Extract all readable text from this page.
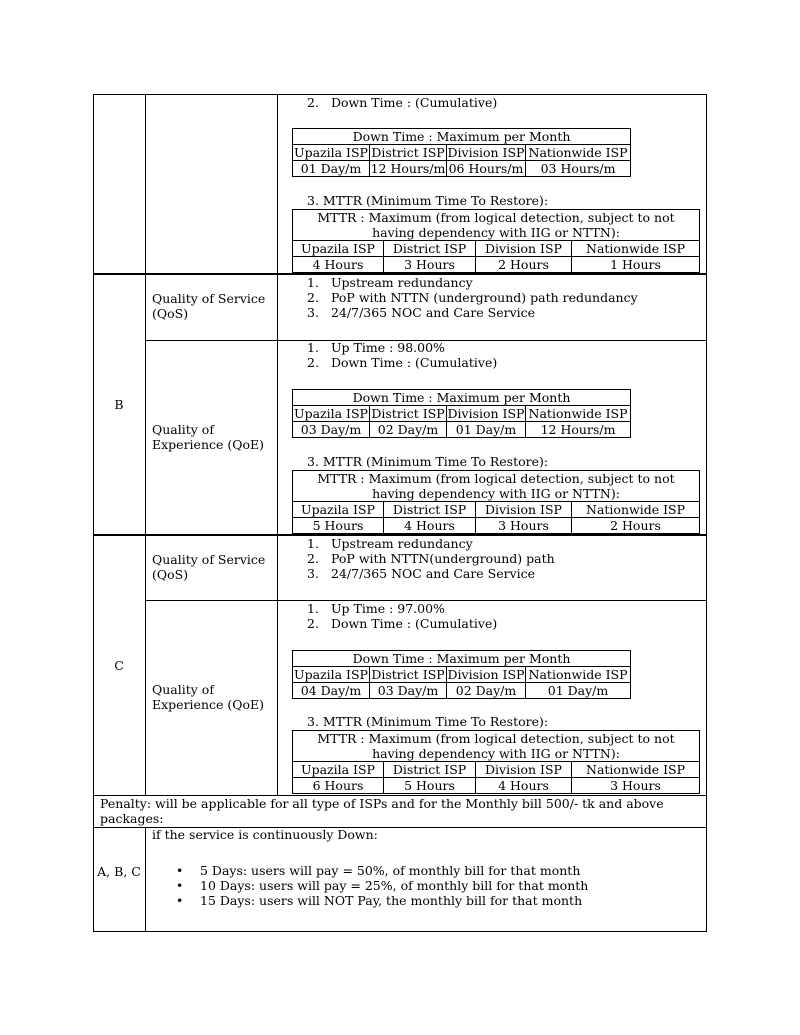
2. Down Time : (Cumulative)
Down Time : Maximum per Month			
Upazila ISP	District ISP	Division ISP	Nationwide ISP
01 Day/m	12 Hours/m	06 Hours/m	03 Hours/m
3. MTTR (Minimum Time To Restore):
MTTR : Maximum (from logical detection, subject to not having dependency with IIG or NTTN):			
Upazila ISP	District ISP	Division ISP	Nationwide ISP
4 Hours	3 Hours	2 Hours	1 Hours
B
Quality of Service (QoS)
1. Upstream redundancy
2. PoP with NTTN (underground) path redundancy
3. 24/7/365 NOC and Care Service
Quality of Experience (QoE)
1. Up Time : 98.00%
2. Down Time : (Cumulative)
Down Time : Maximum per Month			
Upazila ISP	District ISP	Division ISP	Nationwide ISP
03 Day/m	02 Day/m	01 Day/m	12 Hours/m
3. MTTR (Minimum Time To Restore):
MTTR : Maximum (from logical detection, subject to not having dependency with IIG or NTTN):			
Upazila ISP	District ISP	Division ISP	Nationwide ISP
5 Hours	4 Hours	3 Hours	2 Hours
C
Quality of Service (QoS)
1. Upstream redundancy
2. PoP with NTTN(underground) path
3. 24/7/365 NOC and Care Service
Quality of Experience (QoE)
1. Up Time : 97.00%
2. Down Time : (Cumulative)
Down Time : Maximum per Month			
Upazila ISP	District ISP	Division ISP	Nationwide ISP
04 Day/m	03 Day/m	02 Day/m	01 Day/m
3. MTTR (Minimum Time To Restore):
MTTR : Maximum (from logical detection, subject to not having dependency with IIG or NTTN):			
Upazila ISP	District ISP	Division ISP	Nationwide ISP
6 Hours	5 Hours	4 Hours	3 Hours
Penalty: will be applicable for all type of ISPs and for the Monthly bill 500/- tk and above packages:
A, B, C
if the service is continuously Down:
• 5 Days: users will pay = 50%, of monthly bill for that month
• 10 Days: users will pay = 25%, of monthly bill for that month
• 15 Days: users will NOT Pay, the monthly bill for that month
